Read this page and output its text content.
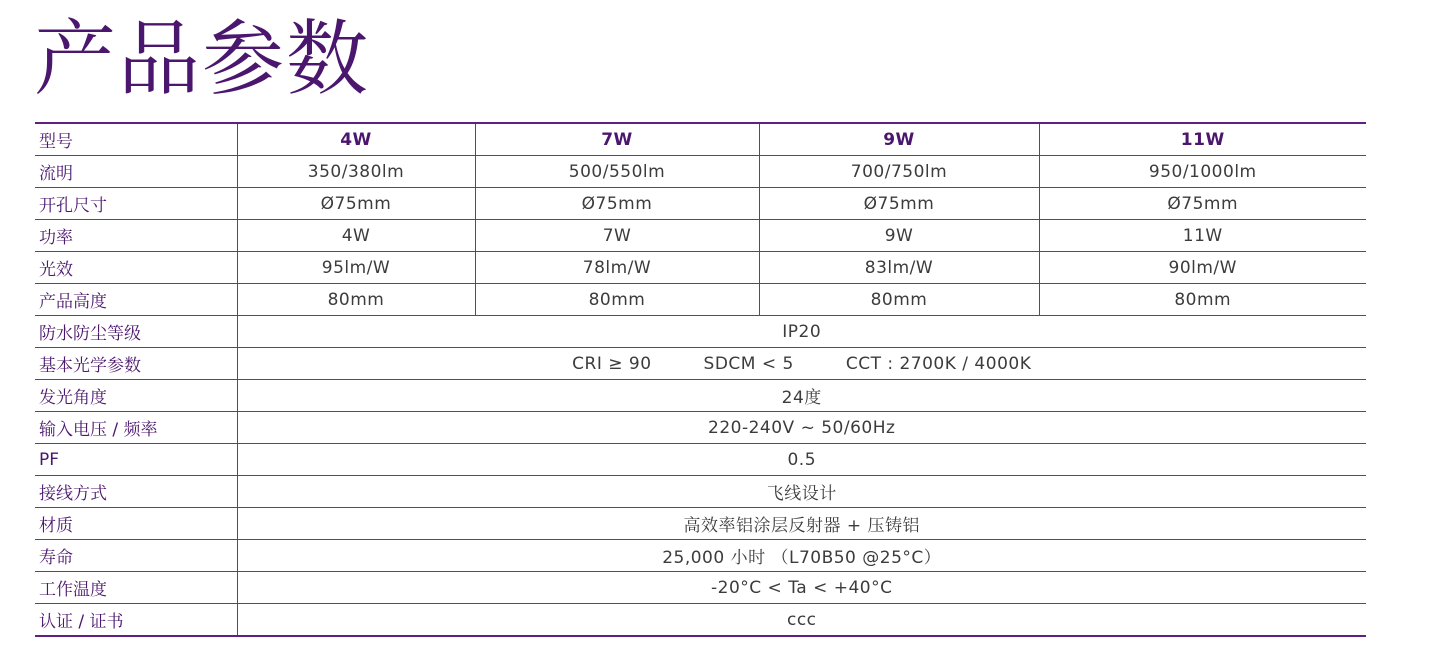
产品参数
型号	4W	7W	9W	11W
流明	350/380lm	500/550lm	700/750lm	950/1000lm
开孔尺寸	Ø75mm	Ø75mm	Ø75mm	Ø75mm
功率	4W	7W	9W	11W
光效	95lm/W	78lm/W	83lm/W	90lm/W
产品高度	80mm	80mm	80mm	80mm
防水防尘等级	IP20			
基本光学参数	CRI ≥ 90 SDCM < 5 CCT : 2700K / 4000K			
发光角度	24度			
输入电压 / 频率	220-240V ~ 50/60Hz			
PF	0.5			
接线方式	飞线设计			
材质	高效率铝涂层反射器 + 压铸铝			
寿命	25,000 小时 （L70B50 @25°C）			
工作温度	-20°C < Ta < +40°C			
认证 / 证书	ccc			
